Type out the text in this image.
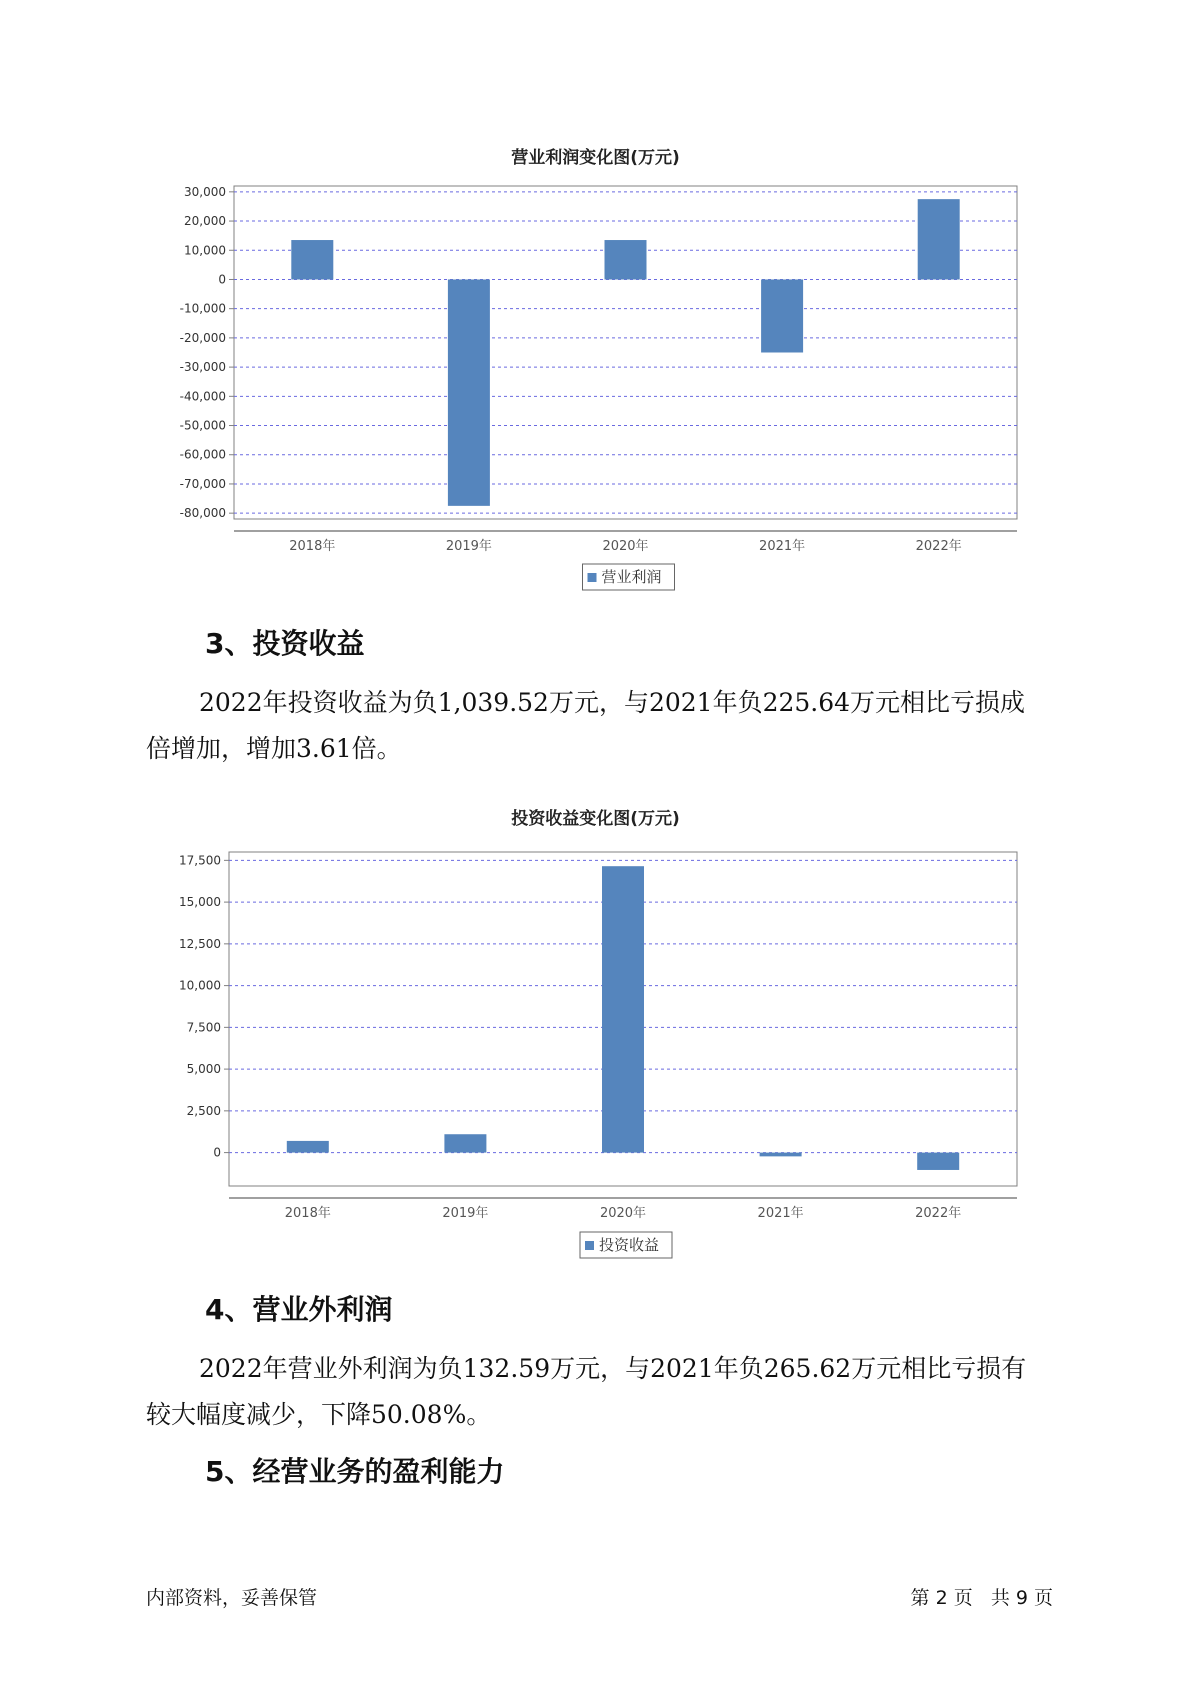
营业利润变化图(万元)
30,000
20,000
10,000
0
-10,000
-20,000
-30,000
-40,000
-50,000
-60,000
-70,000
-80,000
2018年	2019年	2020年	2021年	2022年
营业利润
3、投资收益
2022年投资收益为负1,039.52万元，与2021年负225.64万元相比亏损成倍增加，增加3.61倍。
投资收益变化图(万元)
17,500
15,000
12,500
10,000
7,500
5,000
2,500
0
2018年	2019年	2020年	2021年	2022年
投资收益
4、营业外利润
2022年营业外利润为负132.59万元，与2021年负265.62万元相比亏损有较大幅度减少，下降50.08%。
5、经营业务的盈利能力
内部资料，妥善保管	第 2 页   共 9 页
